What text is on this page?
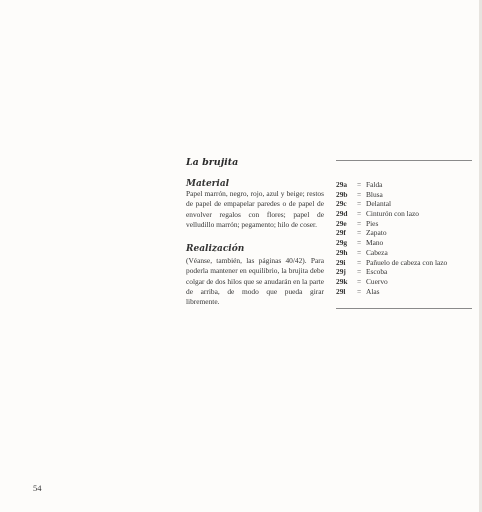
La brujita
Material

Papel marrón, negro, rojo, azul y beige; restos de papel de empapelar paredes o de papel de envolver regalos con flores; papel de velludillo marrón; pegamento; hilo de coser.

Realización

(Véanse, también, las páginas 40/42). Para poderla mantener en equilibrio, la brujita debe colgar de dos hilos que se anudarán en la parte de arriba, de modo que pueda girar libremente.

29a	= Falda
29b	= Blusa
29c	= Delantal
29d	= Cinturón con lazo
29e	= Pies
29f	= Zapato
29g	= Mano
29h	= Cabeza
29i	= Pañuelo de cabeza con lazo
29j	= Escoba
29k	= Cuervo
29l	= Alas
54
